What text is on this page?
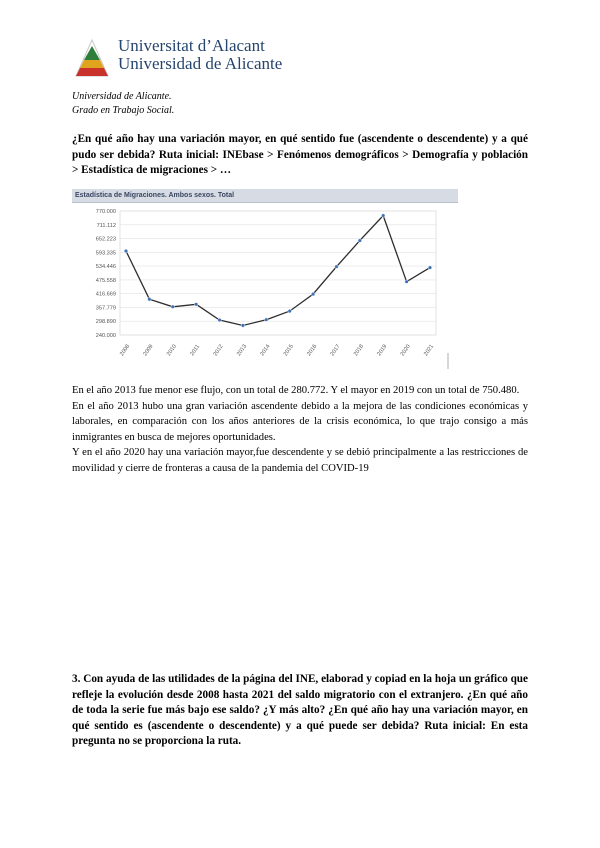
Universitat d’Alacant
Universidad de Alicante
Universidad de Alicante.
Grado en Trabajo Social.
¿En qué año hay una variación mayor, en qué sentido fue (ascendente o descendente) y a qué pudo ser debida? Ruta inicial: INEbase > Fenómenos demográficos > Demografía y población > Estadística de migraciones > …
Estadística de Migraciones. Ambos sexos. Total
770.000
711.112
652.223
593.335
534.446
475.558
416.669
357.779
298.890
240.000
2008 2009 2010 2011 2012 2013 2014 2015 2016 2017 2018 2019 2020 2021

En el año 2013 fue menor ese flujo, con un total de 280.772. Y el mayor en 2019 con un total de 750.480.

En el año 2013 hubo una gran variación ascendente debido a la mejora de las condiciones económicas y laborales, en comparación con los años anteriores de la crisis económica, lo que trajo consigo a más inmigrantes en busca de mejores oportunidades.

Y en el año 2020 hay una variación mayor,fue descendente y se debió principalmente a las restricciones de movilidad y cierre de fronteras a causa de la pandemia del COVID-19

3. Con ayuda de las utilidades de la página del INE, elaborad y copiad en la hoja un gráfico que refleje la evolución desde 2008 hasta 2021 del saldo migratorio con el extranjero. ¿En qué año de toda la serie fue más bajo ese saldo? ¿Y más alto? ¿En qué año hay una variación mayor, en qué sentido es (ascendente o descendente) y a qué puede ser debida? Ruta inicial: En esta pregunta no se proporciona la ruta.
